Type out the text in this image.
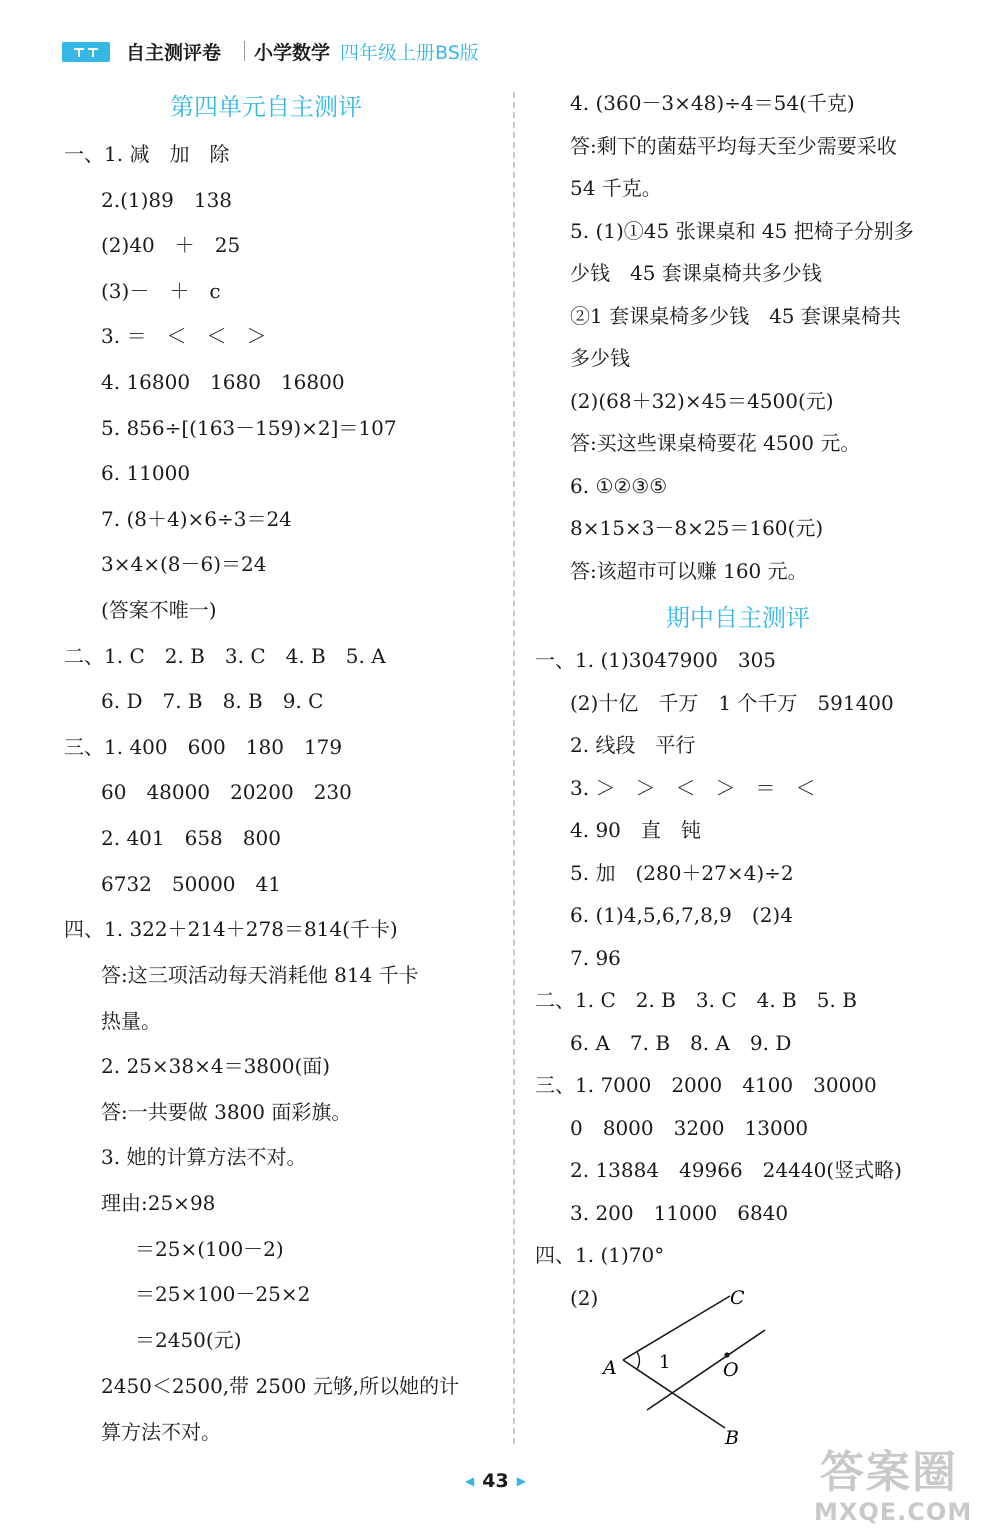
自主测评卷 小学数学 四年级上册BS版
第四单元自主测评
一、1. 减　加　除
2.(1)89　138
(2)40　＋　25
(3)－　＋　c
3. ＝　＜　＜　＞
4. 16800　1680　16800
5. 856÷[(163－159)×2]＝107
6. 11000
7. (8＋4)×6÷3＝24
3×4×(8－6)＝24
(答案不唯一)
二、1. C　2. B　3. C　4. B　5. A
6. D　7. B　8. B　9. C
三、1. 400　600　180　179
60　48000　20200　230
2. 401　658　800
6732　50000　41
四、1. 322＋214＋278＝814(千卡)
答:这三项活动每天消耗他 814 千卡
热量。
2. 25×38×4＝3800(面)
答:一共要做 3800 面彩旗。
3. 她的计算方法不对。
理由:25×98
＝25×(100－2)
＝25×100－25×2
＝2450(元)
2450＜2500,带 2500 元够,所以她的计
算方法不对。
4. (360－3×48)÷4＝54(千克)
答:剩下的菌菇平均每天至少需要采收
54 千克。
5. (1)①45 张课桌和 45 把椅子分别多
少钱　45 套课桌椅共多少钱
②1 套课桌椅多少钱　45 套课桌椅共
多少钱
(2)(68＋32)×45＝4500(元)
答:买这些课桌椅要花 4500 元。
6. ①②③⑤
8×15×3－8×25＝160(元)
答:该超市可以赚 160 元。
期中自主测评
一、1. (1)3047900　305
(2)十亿　千万　1 个千万　591400
2. 线段　平行
3. ＞　＞　＜　＞　＝　＜
4. 90　直　钝
5. 加　(280＋27×4)÷2
6. (1)4,5,6,7,8,9　(2)4
7. 96
二、1. C　2. B　3. C　4. B　5. B
6. A　7. B　8. A　9. D
三、1. 7000　2000　4100　30000
0　8000　3200　13000
2. 13884　49966　24440(竖式略)
3. 200　11000　6840
四、1. (1)70°
(2)
A
C
B
O
1
◀ 43 ▶	答案圈
MXQE.COM
